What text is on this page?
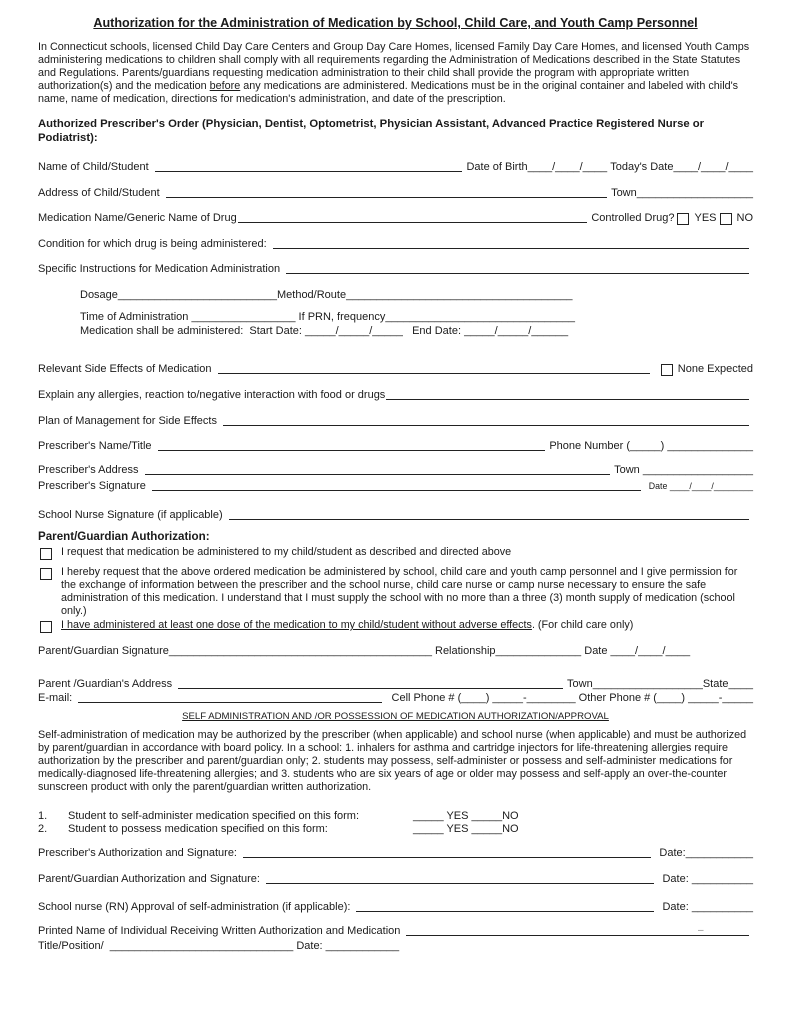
Authorization for the Administration of Medication by School, Child Care, and Youth Camp Personnel

In Connecticut schools, licensed Child Day Care Centers and Group Day Care Homes, licensed Family Day Care Homes, and licensed Youth Camps administering medications to children shall comply with all requirements regarding the Administration of Medications described in the State Statutes and Regulations. Parents/guardians requesting medication administration to their child shall provide the program with appropriate written authorization(s) and the medication before any medications are administered. Medications must be in the original container and labeled with child's name, name of medication, directions for medication's administration, and date of the prescription.

Authorized Prescriber's Order (Physician, Dentist, Optometrist, Physician Assistant, Advanced Practice Registered Nurse or Podiatrist):
Name of Child/Student	Date of Birth ____/____/____ Today's Date ____/____/____
Address of Child/Student	Town ___________________
Medication Name/Generic Name of Drug	Controlled Drug? YES NO
Condition for which drug is being administered:
Specific Instructions for Medication Administration
Dosage __________________________ Method/Route _____________________________________
Time of Administration _________________ If PRN, frequency _______________________________
Medication shall be administered:  Start Date: _____/_____/_____ End Date: _____/_____/______
Relevant Side Effects of Medication	None Expected
Explain any allergies, reaction to/negative interaction with food or drugs
Plan of Management for Side Effects
Prescriber's Name/Title	Phone Number (_____) ______________
Prescriber's Address	Town __________________
Prescriber's Signature	Date ____/____/________
School Nurse Signature (if applicable)
Parent/Guardian Authorization:
I request that medication be administered to my child/student as described and directed above
I hereby request that the above ordered medication be administered by school, child care and youth camp personnel and I give permission for the exchange of information between the prescriber and the school nurse, child care nurse or camp nurse necessary to ensure the safe administration of this medication. I understand that I must supply the school with no more than a three (3) month supply of medication (school only.)
I have administered at least one dose of the medication to my child/student without adverse effects. (For child care only)
Parent/Guardian Signature ___________________________________________ Relationship ______________ Date ____/____/____
Parent /Guardian's Address	Town __________________ State ____
E-mail:	Cell Phone # (____) _____-________ Other Phone # (____) _____-_____
SELF ADMINISTRATION AND /OR POSSESSION OF MEDICATION AUTHORIZATION/APPROVAL

Self-administration of medication may be authorized by the prescriber (when applicable) and school nurse (when applicable) and must be authorized by parent/guardian in accordance with board policy. In a school: 1. inhalers for asthma and cartridge injectors for life-threatening allergies require authorization by the prescriber and parent/guardian only; 2. students may possess, self-administer or possess and self-administer medications for medically-diagnosed life-threatening allergies; and 3. students who are six years of age or older may possess and self-apply an over-the-counter sunscreen product with only the parent/guardian written authorization.

1.	Student to self-administer medication specified on this form:	_____ YES _____NO
2.	Student to possess medication specified on this form:	_____ YES _____NO
Prescriber's Authorization and Signature:	Date: ___________
Parent/Guardian Authorization and Signature:	Date: __________
School nurse (RN) Approval of self-administration (if applicable):	Date: __________
Printed Name of Individual Receiving Written Authorization and Medication
Title/Position/ ______________________________ Date: ____________
–
